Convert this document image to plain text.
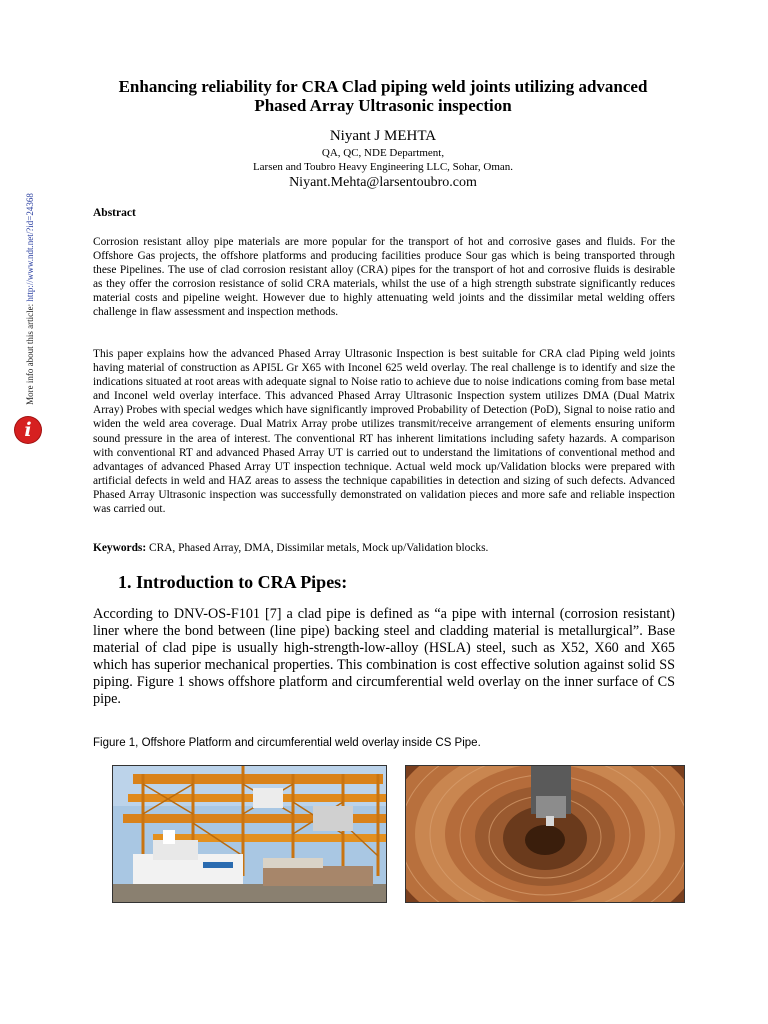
More info about this article: http://www.ndt.net/?id=24368
i
Enhancing reliability for CRA Clad piping weld joints utilizing advanced
Phased Array Ultrasonic inspection
Niyant J MEHTA
QA, QC, NDE Department,
Larsen and Toubro Heavy Engineering LLC, Sohar, Oman.
Niyant.Mehta@larsentoubro.com
Abstract
Corrosion resistant alloy pipe materials are more popular for the transport of hot and corrosive gases and fluids. For the Offshore Gas projects, the offshore platforms and producing facilities produce Sour gas which is being transported through these Pipelines. The use of clad corrosion resistant alloy (CRA) pipes for the transport of hot and corrosive fluids is desirable as they offer the corrosion resistance of solid CRA materials, whilst the use of a high strength substrate significantly reduces material costs and pipeline weight. However due to highly attenuating weld joints and the dissimilar metal welding offers challenge in flaw assessment and inspection methods.
This paper explains how the advanced Phased Array Ultrasonic Inspection is best suitable for CRA clad Piping weld joints having material of construction as API5L Gr X65 with Inconel 625 weld overlay. The real challenge is to identify and size the indications situated at root areas with adequate signal to Noise ratio to achieve due to noise indications coming from base metal and Inconel weld overlay interface. This advanced Phased Array Ultrasonic Inspection system utilizes DMA (Dual Matrix Array) Probes with special wedges which have significantly improved Probability of Detection (PoD), Signal to noise ratio and widen the weld area coverage. Dual Matrix Array probe utilizes transmit/receive arrangement of elements ensuring uniform sound pressure in the area of interest. The conventional RT has inherent limitations including safety hazards. A comparison with conventional RT and advanced Phased Array UT is carried out to understand the limitations of conventional method and advantages of advanced Phased Array UT inspection technique. Actual weld mock up/Validation blocks were prepared with artificial defects in weld and HAZ areas to assess the technique capabilities in detection and sizing of such defects. Advanced Phased Array Ultrasonic inspection was successfully demonstrated on validation pieces and more safe and reliable inspection was carried out.
Keywords: CRA, Phased Array, DMA, Dissimilar metals, Mock up/Validation blocks.
1. Introduction to CRA Pipes:
According to DNV-OS-F101 [7] a clad pipe is defined as “a pipe with internal (corrosion resistant) liner where the bond between (line pipe) backing steel and cladding material is metallurgical”. Base material of clad pipe is usually high-strength-low-alloy (HSLA) steel, such as X52, X60 and X65 which has superior mechanical properties. This combination is cost effective solution against solid SS piping. Figure 1 shows offshore platform and circumferential weld overlay on the inner surface of CS pipe.
Figure 1, Offshore Platform and circumferential weld overlay inside CS Pipe.
